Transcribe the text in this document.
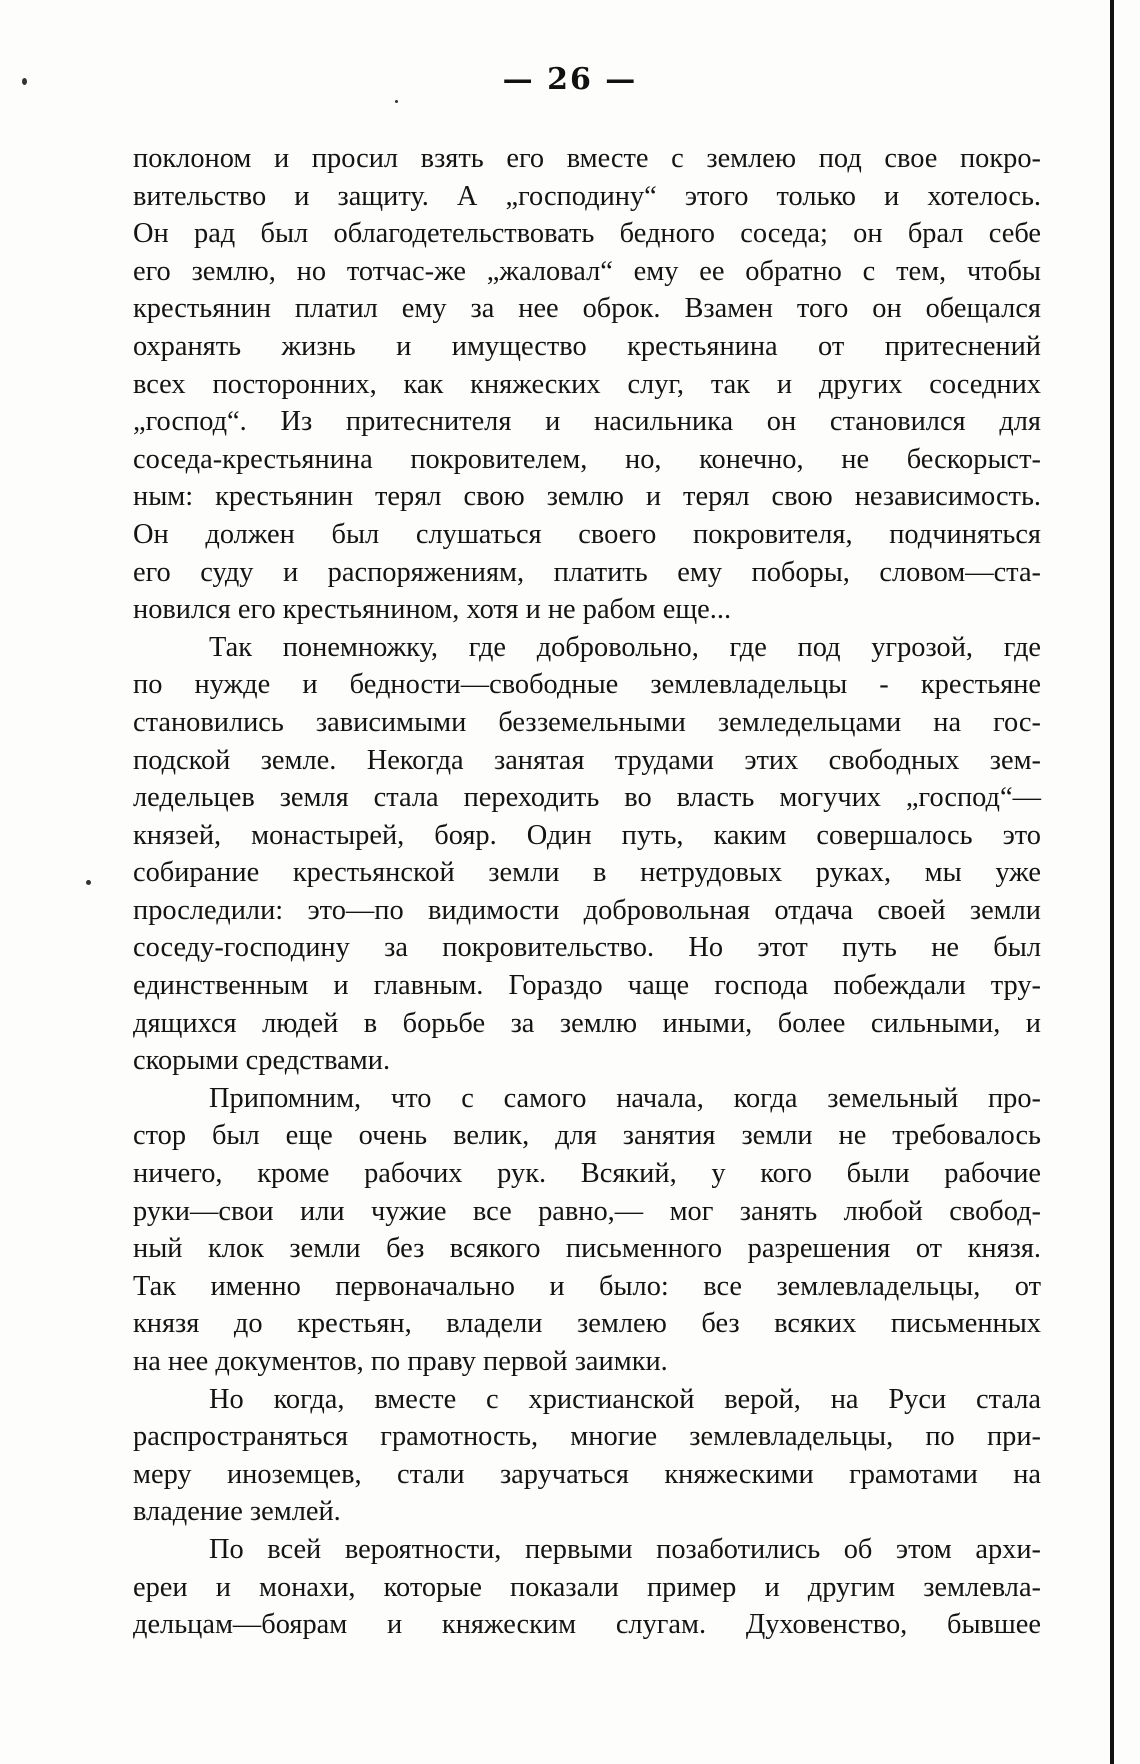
— 26 —
поклоном и просил взять его вместе с землею под свое покро-
вительство и защиту. А „господину“ этого только и хотелось.
Он рад был облагодетельствовать бедного соседа; он брал себе
его землю, но тотчас-же „жаловал“ ему ее обратно с тем, чтобы
крестьянин платил ему за нее оброк. Взамен того он обещался
охранять жизнь и имущество крестьянина от притеснений
всех посторонних, как княжеских слуг, так и других соседних
„господ“. Из притеснителя и насильника он становился для
соседа-крестьянина покровителем, но, конечно, не бескорыст-
ным: крестьянин терял свою землю и терял свою независимость.
Он должен был слушаться своего покровителя, подчиняться
его суду и распоряжениям, платить ему поборы, словом—ста-
новился его крестьянином, хотя и не рабом еще...
Так понемножку, где добровольно, где под угрозой, где
по нужде и бедности—свободные землевладельцы - крестьяне
становились зависимыми безземельными земледельцами на гос-
подской земле. Некогда занятая трудами этих свободных зем-
ледельцев земля стала переходить во власть могучих „господ“—
князей, монастырей, бояр. Один путь, каким совершалось это
собирание крестьянской земли в нетрудовых руках, мы уже
проследили: это—по видимости добровольная отдача своей земли
соседу-господину за покровительство. Но этот путь не был
единственным и главным. Гораздо чаще господа побеждали тру-
дящихся людей в борьбе за землю иными, более сильными, и
скорыми средствами.
Припомним, что с самого начала, когда земельный про-
стор был еще очень велик, для занятия земли не требовалось
ничего, кроме рабочих рук. Всякий, у кого были рабочие
руки—свои или чужие все равно,— мог занять любой свобод-
ный клок земли без всякого письменного разрешения от князя.
Так именно первоначально и было: все землевладельцы, от
князя до крестьян, владели землею без всяких письменных
на нее документов, по праву первой заимки.
Но когда, вместе с христианской верой, на Руси стала
распространяться грамотность, многие землевладельцы, по при-
меру иноземцев, стали заручаться княжескими грамотами на
владение землей.
По всей вероятности, первыми позаботились об этом архи-
ереи и монахи, которые показали пример и другим землевла-
дельцам—боярам и княжеским слугам. Духовенство, бывшее
